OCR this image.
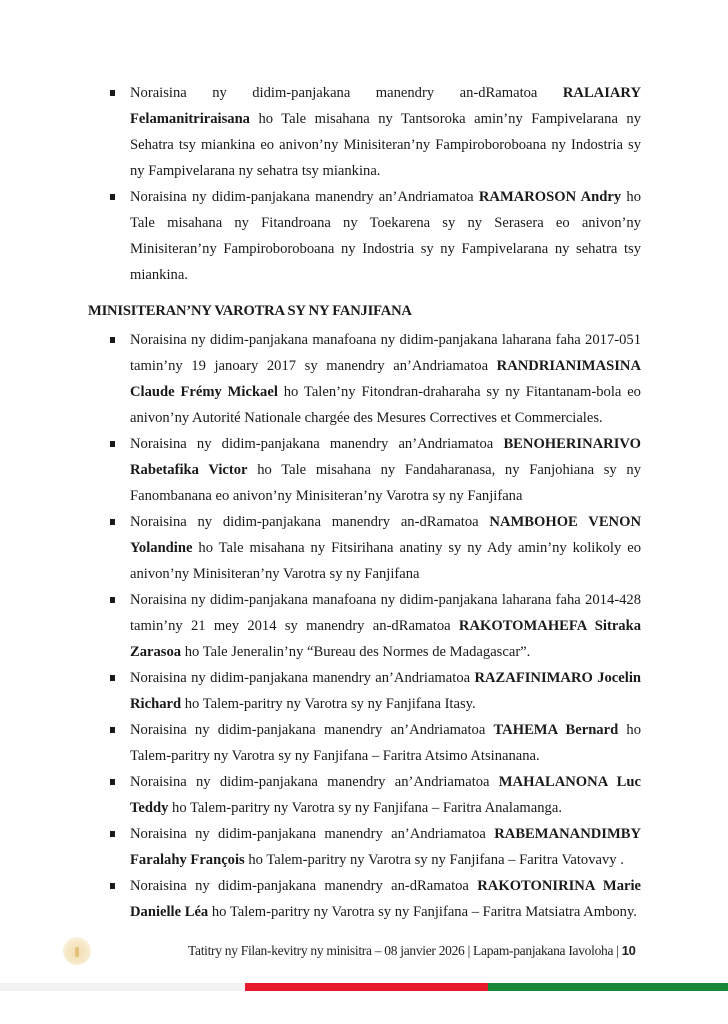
Noraisina ny didim-panjakana manendry an-dRamatoa RALAIARY Felamanitriraisana ho Tale misahana ny Tantsoroka amin’ny Fampivelarana ny Sehatra tsy miankina eo anivon’ny Minisiteran’ny Fampiroboroboana ny Indostria sy ny Fampivelarana ny sehatra tsy miankina.
Noraisina ny didim-panjakana manendry an’Andriamatoa RAMAROSON Andry ho Tale misahana ny Fitandroana ny Toekarena sy ny Serasera eo anivon’ny Minisiteran’ny Fampiroboroboana ny Indostria sy ny Fampivelarana ny sehatra tsy miankina.
MINISITERAN’NY VAROTRA SY NY FANJIFANA
Noraisina ny didim-panjakana manafoana ny didim-panjakana laharana faha 2017-051 tamin’ny 19 janoary 2017 sy manendry an’Andriamatoa RANDRIANIMASINA Claude Frémy Mickael ho Talen’ny Fitondran-draharaha sy ny Fitantanam-bola eo anivon’ny Autorité Nationale chargée des Mesures Correctives et Commerciales.
Noraisina ny didim-panjakana manendry an’Andriamatoa BENOHERINARIVO Rabetafika Victor ho Tale misahana ny Fandaharanasa, ny Fanjohiana sy ny Fanombanana eo anivon’ny Minisiteran’ny Varotra sy ny Fanjifana
Noraisina ny didim-panjakana manendry an-dRamatoa NAMBOHOE VENON Yolandine ho Tale misahana ny Fitsirihana anatiny sy ny Ady amin’ny kolikoly eo anivon’ny Minisiteran’ny Varotra sy ny Fanjifana
Noraisina ny didim-panjakana manafoana ny didim-panjakana laharana faha 2014-428 tamin’ny 21 mey 2014 sy manendry an-dRamatoa RAKOTOMAHEFA Sitraka Zarasoa ho Tale Jeneralin’ny “Bureau des Normes de Madagascar”.
Noraisina ny didim-panjakana manendry an’Andriamatoa RAZAFINIMARO Jocelin Richard ho Talem-paritry ny Varotra sy ny Fanjifana Itasy.
Noraisina ny didim-panjakana manendry an’Andriamatoa TAHEMA Bernard ho Talem-paritry ny Varotra sy ny Fanjifana – Faritra Atsimo Atsinanana.
Noraisina ny didim-panjakana manendry an’Andriamatoa MAHALANONA Luc Teddy ho Talem-paritry ny Varotra sy ny Fanjifana – Faritra Analamanga.
Noraisina ny didim-panjakana manendry an’Andriamatoa RABEMANANDIMBY Faralahy François ho Talem-paritry ny Varotra sy ny Fanjifana – Faritra Vatovavy .
Noraisina ny didim-panjakana manendry an-dRamatoa RAKOTONIRINA Marie Danielle Léa ho Talem-paritry ny Varotra sy ny Fanjifana – Faritra Matsiatra Ambony.
Tatitry ny Filan-kevitry ny minisitra – 08 janvier 2026 | Lapam-panjakana Iavoloha | 10
